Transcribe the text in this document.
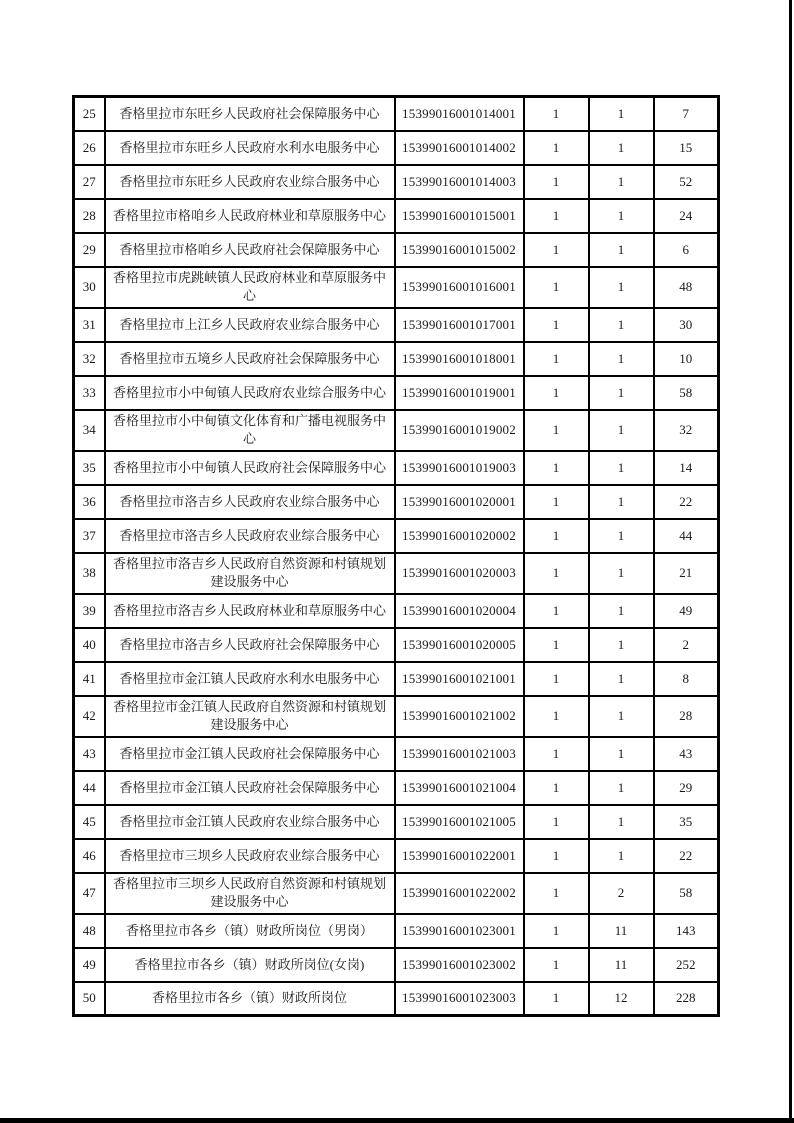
25	香格里拉市东旺乡人民政府社会保障服务中心	15399016001014001	1	1	7
26	香格里拉市东旺乡人民政府水利水电服务中心	15399016001014002	1	1	15
27	香格里拉市东旺乡人民政府农业综合服务中心	15399016001014003	1	1	52
28	香格里拉市格咱乡人民政府林业和草原服务中心	15399016001015001	1	1	24
29	香格里拉市格咱乡人民政府社会保障服务中心	15399016001015002	1	1	6
30	香格里拉市虎跳峡镇人民政府林业和草原服务中心	15399016001016001	1	1	48
31	香格里拉市上江乡人民政府农业综合服务中心	15399016001017001	1	1	30
32	香格里拉市五境乡人民政府社会保障服务中心	15399016001018001	1	1	10
33	香格里拉市小中甸镇人民政府农业综合服务中心	15399016001019001	1	1	58
34	香格里拉市小中甸镇文化体育和广播电视服务中心	15399016001019002	1	1	32
35	香格里拉市小中甸镇人民政府社会保障服务中心	15399016001019003	1	1	14
36	香格里拉市洛吉乡人民政府农业综合服务中心	15399016001020001	1	1	22
37	香格里拉市洛吉乡人民政府农业综合服务中心	15399016001020002	1	1	44
38	香格里拉市洛吉乡人民政府自然资源和村镇规划建设服务中心	15399016001020003	1	1	21
39	香格里拉市洛吉乡人民政府林业和草原服务中心	15399016001020004	1	1	49
40	香格里拉市洛吉乡人民政府社会保障服务中心	15399016001020005	1	1	2
41	香格里拉市金江镇人民政府水利水电服务中心	15399016001021001	1	1	8
42	香格里拉市金江镇人民政府自然资源和村镇规划建设服务中心	15399016001021002	1	1	28
43	香格里拉市金江镇人民政府社会保障服务中心	15399016001021003	1	1	43
44	香格里拉市金江镇人民政府社会保障服务中心	15399016001021004	1	1	29
45	香格里拉市金江镇人民政府农业综合服务中心	15399016001021005	1	1	35
46	香格里拉市三坝乡人民政府农业综合服务中心	15399016001022001	1	1	22
47	香格里拉市三坝乡人民政府自然资源和村镇规划建设服务中心	15399016001022002	1	2	58
48	香格里拉市各乡（镇）财政所岗位（男岗）	15399016001023001	1	11	143
49	香格里拉市各乡（镇）财政所岗位(女岗)	15399016001023002	1	11	252
50	香格里拉市各乡（镇）财政所岗位	15399016001023003	1	12	228
